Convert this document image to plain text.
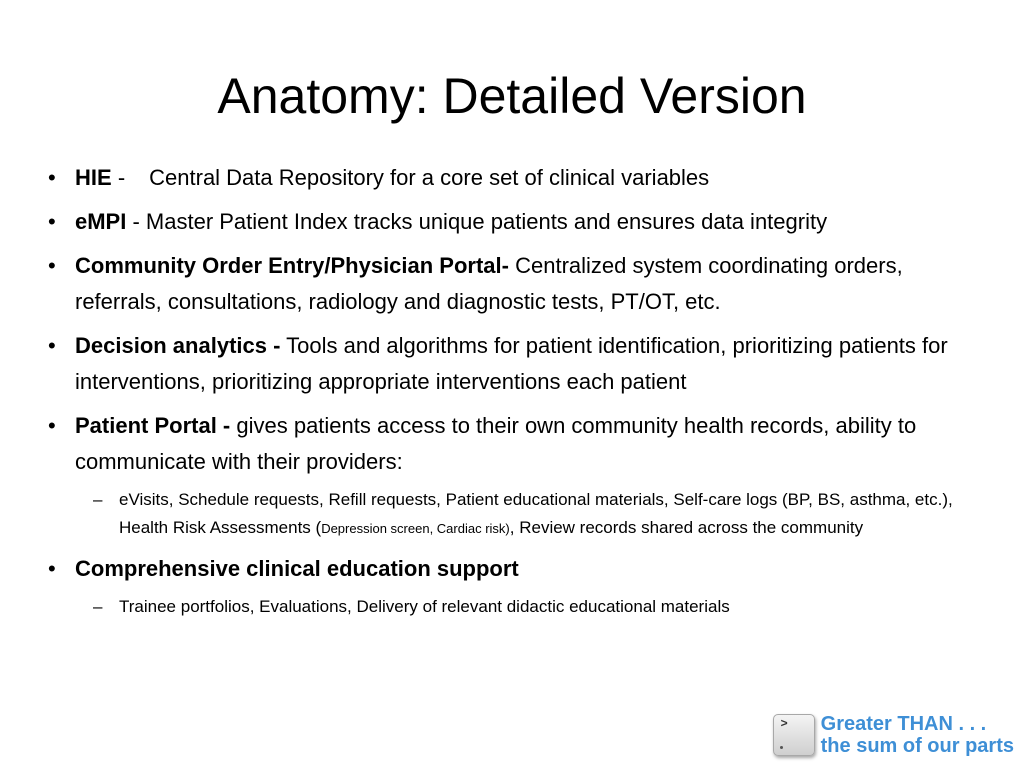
Anatomy: Detailed Version
• HIE - Central Data Repository for a core set of clinical variables
• eMPI - Master Patient Index tracks unique patients and ensures data integrity
• Community Order Entry/Physician Portal- Centralized system coordinating orders, referrals, consultations, radiology and diagnostic tests, PT/OT, etc.
• Decision analytics - Tools and algorithms for patient identification, prioritizing patients for interventions, prioritizing appropriate interventions each patient
• Patient Portal - gives patients access to their own community health records, ability to communicate with their providers:
– eVisits, Schedule requests, Refill requests, Patient educational materials, Self-care logs (BP, BS, asthma, etc.), Health Risk Assessments (Depression screen, Cardiac risk), Review records shared across the community
• Comprehensive clinical education support
– Trainee portfolios, Evaluations, Delivery of relevant didactic educational materials
> Greater THAN . . .
the sum of our parts
